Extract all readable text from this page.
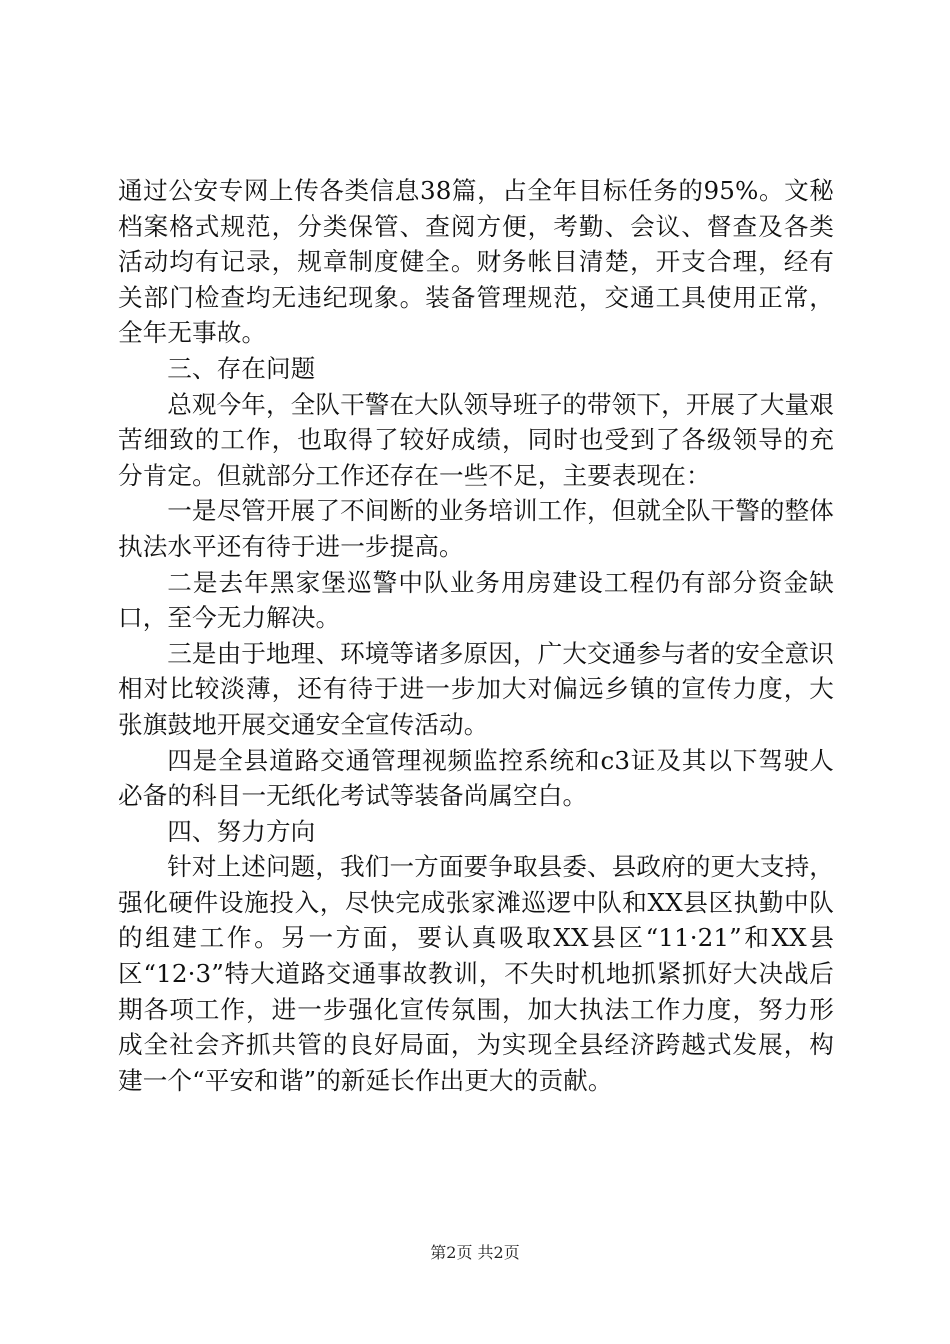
通过公安专网上传各类信息38篇，占全年目标任务的95%。文秘档案格式规范，分类保管、查阅方便，考勤、会议、督查及各类活动均有记录，规章制度健全。财务帐目清楚，开支合理，经有关部门检查均无违纪现象。装备管理规范，交通工具使用正常，全年无事故。

三、存在问题

总观今年，全队干警在大队领导班子的带领下，开展了大量艰苦细致的工作，也取得了较好成绩，同时也受到了各级领导的充分肯定。但就部分工作还存在一些不足，主要表现在：

一是尽管开展了不间断的业务培训工作，但就全队干警的整体执法水平还有待于进一步提高。

二是去年黑家堡巡警中队业务用房建设工程仍有部分资金缺口，至今无力解决。

三是由于地理、环境等诸多原因，广大交通参与者的安全意识相对比较淡薄，还有待于进一步加大对偏远乡镇的宣传力度，大张旗鼓地开展交通安全宣传活动。

四是全县道路交通管理视频监控系统和c3证及其以下驾驶人必备的科目一无纸化考试等装备尚属空白。

四、努力方向

针对上述问题，我们一方面要争取县委、县政府的更大支持，强化硬件设施投入，尽快完成张家滩巡逻中队和XX县区执勤中队的组建工作。另一方面，要认真吸取XX县区“11·21”和XX县区“12·3”特大道路交通事故教训，不失时机地抓紧抓好大决战后期各项工作，进一步强化宣传氛围，加大执法工作力度，努力形成全社会齐抓共管的良好局面，为实现全县经济跨越式发展，构建一个“平安和谐”的新延长作出更大的贡献。

第2页 共2页
